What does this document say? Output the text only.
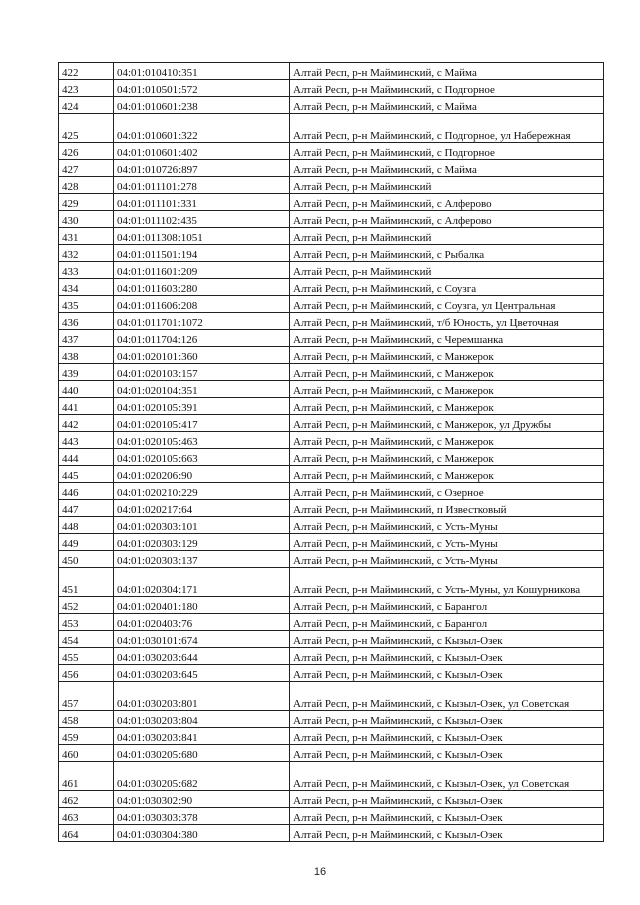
422	04:01:010410:351	Алтай Респ, р-н Майминский, с Майма
423	04:01:010501:572	Алтай Респ, р-н Майминский, с Подгорное
424	04:01:010601:238	Алтай Респ, р-н Майминский, с Майма
425	04:01:010601:322	Алтай Респ, р-н Майминский, с Подгорное, ул Набережная
426	04:01:010601:402	Алтай Респ, р-н Майминский, с Подгорное
427	04:01:010726:897	Алтай Респ, р-н Майминский, с Майма
428	04:01:011101:278	Алтай Респ, р-н Майминский
429	04:01:011101:331	Алтай Респ, р-н Майминский, с Алферово
430	04:01:011102:435	Алтай Респ, р-н Майминский, с Алферово
431	04:01:011308:1051	Алтай Респ, р-н Майминский
432	04:01:011501:194	Алтай Респ, р-н Майминский, с Рыбалка
433	04:01:011601:209	Алтай Респ, р-н Майминский
434	04:01:011603:280	Алтай Респ, р-н Майминский, с Соузга
435	04:01:011606:208	Алтай Респ, р-н Майминский, с Соузга, ул Центральная
436	04:01:011701:1072	Алтай Респ, р-н Майминский, т/б Юность, ул Цветочная
437	04:01:011704:126	Алтай Респ, р-н Майминский, с Черемшанка
438	04:01:020101:360	Алтай Респ, р-н Майминский, с Манжерок
439	04:01:020103:157	Алтай Респ, р-н Майминский, с Манжерок
440	04:01:020104:351	Алтай Респ, р-н Майминский, с Манжерок
441	04:01:020105:391	Алтай Респ, р-н Майминский, с Манжерок
442	04:01:020105:417	Алтай Респ, р-н Майминский, с Манжерок, ул Дружбы
443	04:01:020105:463	Алтай Респ, р-н Майминский, с Манжерок
444	04:01:020105:663	Алтай Респ, р-н Майминский, с Манжерок
445	04:01:020206:90	Алтай Респ, р-н Майминский, с Манжерок
446	04:01:020210:229	Алтай Респ, р-н Майминский, с Озерное
447	04:01:020217:64	Алтай Респ, р-н Майминский, п Известковый
448	04:01:020303:101	Алтай Респ, р-н Майминский, с Усть-Муны
449	04:01:020303:129	Алтай Респ, р-н Майминский, с Усть-Муны
450	04:01:020303:137	Алтай Респ, р-н Майминский, с Усть-Муны
451	04:01:020304:171	Алтай Респ, р-н Майминский, с Усть-Муны, ул Кошурникова
452	04:01:020401:180	Алтай Респ, р-н Майминский, с Барангол
453	04:01:020403:76	Алтай Респ, р-н Майминский, с Барангол
454	04:01:030101:674	Алтай Респ, р-н Майминский, с Кызыл-Озек
455	04:01:030203:644	Алтай Респ, р-н Майминский, с Кызыл-Озек
456	04:01:030203:645	Алтай Респ, р-н Майминский, с Кызыл-Озек
457	04:01:030203:801	Алтай Респ, р-н Майминский, с Кызыл-Озек, ул Советская
458	04:01:030203:804	Алтай Респ, р-н Майминский, с Кызыл-Озек
459	04:01:030203:841	Алтай Респ, р-н Майминский, с Кызыл-Озек
460	04:01:030205:680	Алтай Респ, р-н Майминский, с Кызыл-Озек
461	04:01:030205:682	Алтай Респ, р-н Майминский, с Кызыл-Озек, ул Советская
462	04:01:030302:90	Алтай Респ, р-н Майминский, с Кызыл-Озек
463	04:01:030303:378	Алтай Респ, р-н Майминский, с Кызыл-Озек
464	04:01:030304:380	Алтай Респ, р-н Майминский, с Кызыл-Озек
16
